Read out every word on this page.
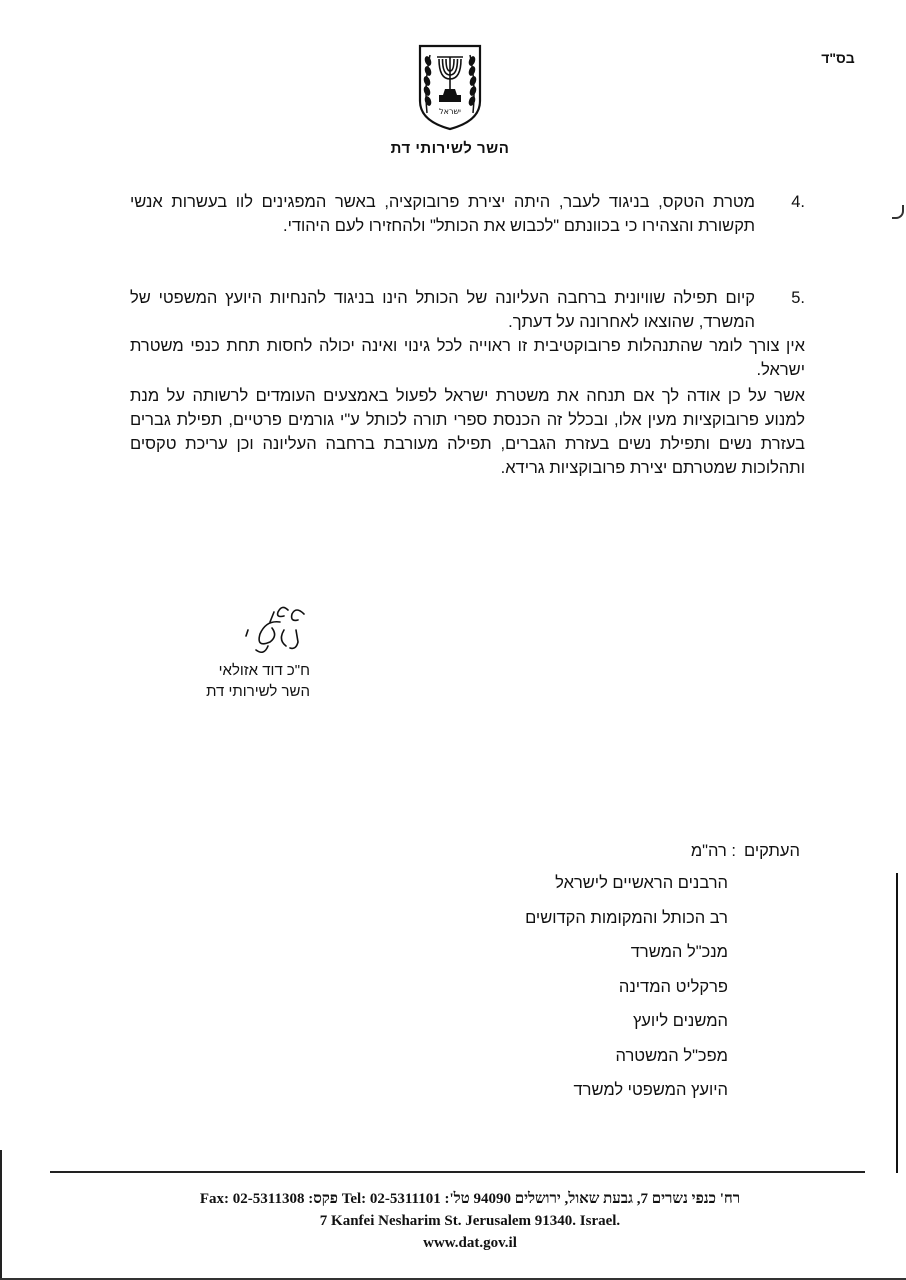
בס"ד
ישראל
השר לשירותי דת
4.
מטרת הטקס, בניגוד לעבר, היתה יצירת פרובוקציה, באשר המפגינים לוו בעשרות אנשי תקשורת והצהירו כי בכוונתם "לכבוש את הכותל" ולהחזירו לעם היהודי.
5.
קיום תפילה שוויונית ברחבה העליונה של הכותל הינו בניגוד להנחיות היועץ המשפטי של המשרד, שהוצאו לאחרונה על דעתך.
אין צורך לומר שהתנהלות פרובוקטיבית זו ראוייה לכל גינוי ואינה יכולה לחסות תחת כנפי משטרת ישראל.
אשר על כן אודה לך אם תנחה את משטרת ישראל לפעול באמצעים העומדים לרשותה על מנת למנוע פרובוקציות מעין אלו, ובכלל זה הכנסת ספרי תורה לכותל ע"י גורמים פרטיים, תפילת גברים בעזרת נשים ותפילת נשים בעזרת הגברים, תפילה מעורבת ברחבה העליונה וכן עריכת טקסים ותהלוכות שמטרתם יצירת פרובוקציות גרידא.
ח"כ דוד אזולאי
השר לשירותי דת
העתקים: רה"מ
הרבנים הראשיים לישראל
רב הכותל והמקומות הקדושים
מנכ"ל המשרד
פרקליט המדינה
המשנים ליועץ
מפכ"ל המשטרה
היועץ המשפטי למשרד
רח' כנפי נשרים 7, גבעת שאול, ירושלים 94090 טל': 02-5311101 :Tel פקס: 02-5311308 :Fax
7 Kanfei Nesharim St. Jerusalem 91340. Israel.
www.dat.gov.il
